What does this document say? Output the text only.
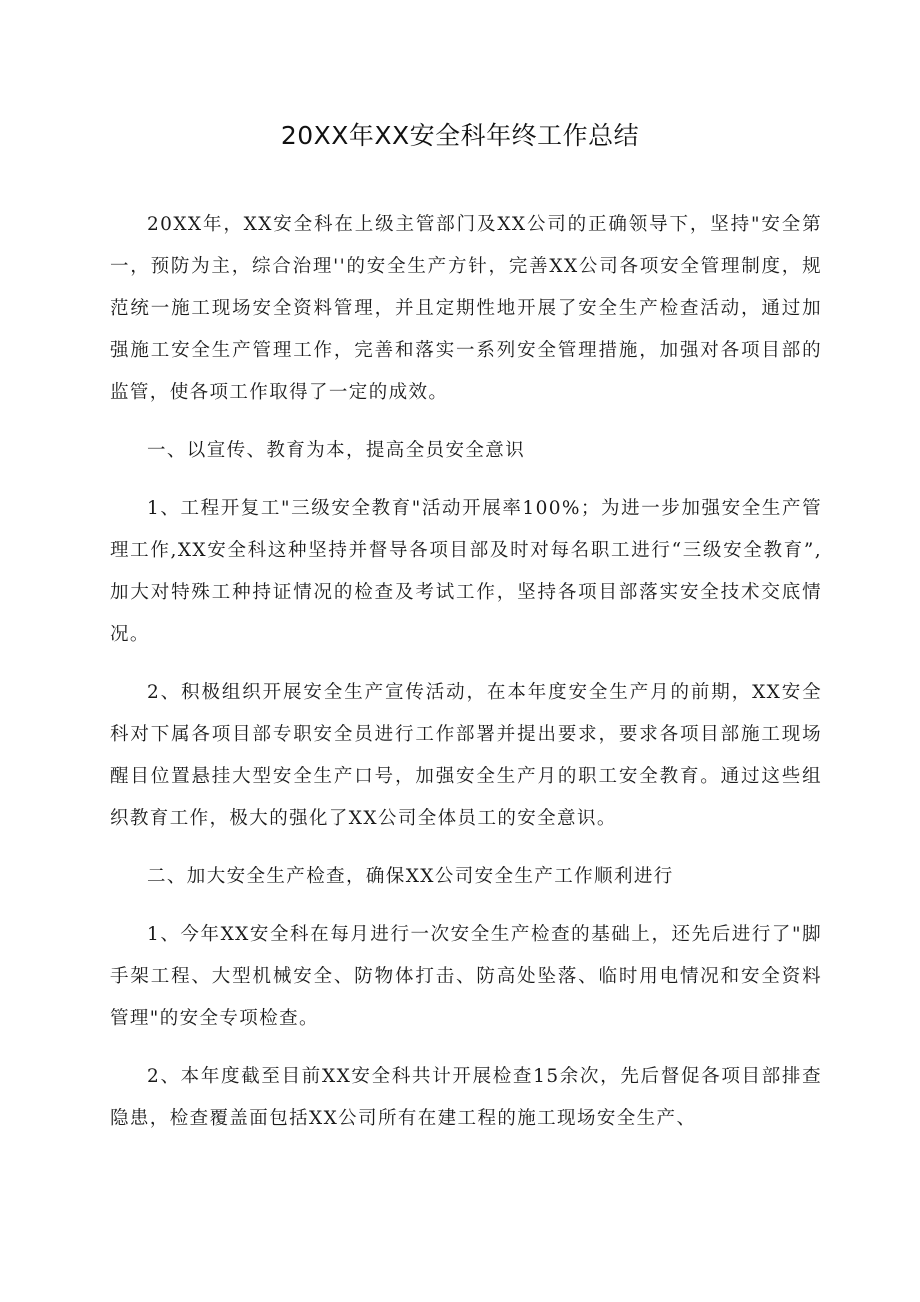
20XX年XX安全科年终工作总结

20XX年，XX安全科在上级主管部门及XX公司的正确领导下，坚持"安全第一，预防为主，综合治理''的安全生产方针，完善XX公司各项安全管理制度，规范统一施工现场安全资料管理，并且定期性地开展了安全生产检查活动，通过加强施工安全生产管理工作，完善和落实一系列安全管理措施，加强对各项目部的监管，使各项工作取得了一定的成效。

一、以宣传、教育为本，提高全员安全意识

1、工程开复工"三级安全教育"活动开展率100%；为进一步加强安全生产管理工作,XX安全科这种坚持并督导各项目部及时对每名职工进行“三级安全教育”,加大对特殊工种持证情况的检查及考试工作，坚持各项目部落实安全技术交底情况。

2、积极组织开展安全生产宣传活动，在本年度安全生产月的前期，XX安全科对下属各项目部专职安全员进行工作部署并提出要求，要求各项目部施工现场醒目位置悬挂大型安全生产口号，加强安全生产月的职工安全教育。通过这些组织教育工作，极大的强化了XX公司全体员工的安全意识。

二、加大安全生产检查，确保XX公司安全生产工作顺利进行

1、今年XX安全科在每月进行一次安全生产检查的基础上，还先后进行了"脚手架工程、大型机械安全、防物体打击、防高处坠落、临时用电情况和安全资料管理"的安全专项检查。

2、本年度截至目前XX安全科共计开展检查15余次，先后督促各项目部排查隐患，检查覆盖面包括XX公司所有在建工程的施工现场安全生产、
